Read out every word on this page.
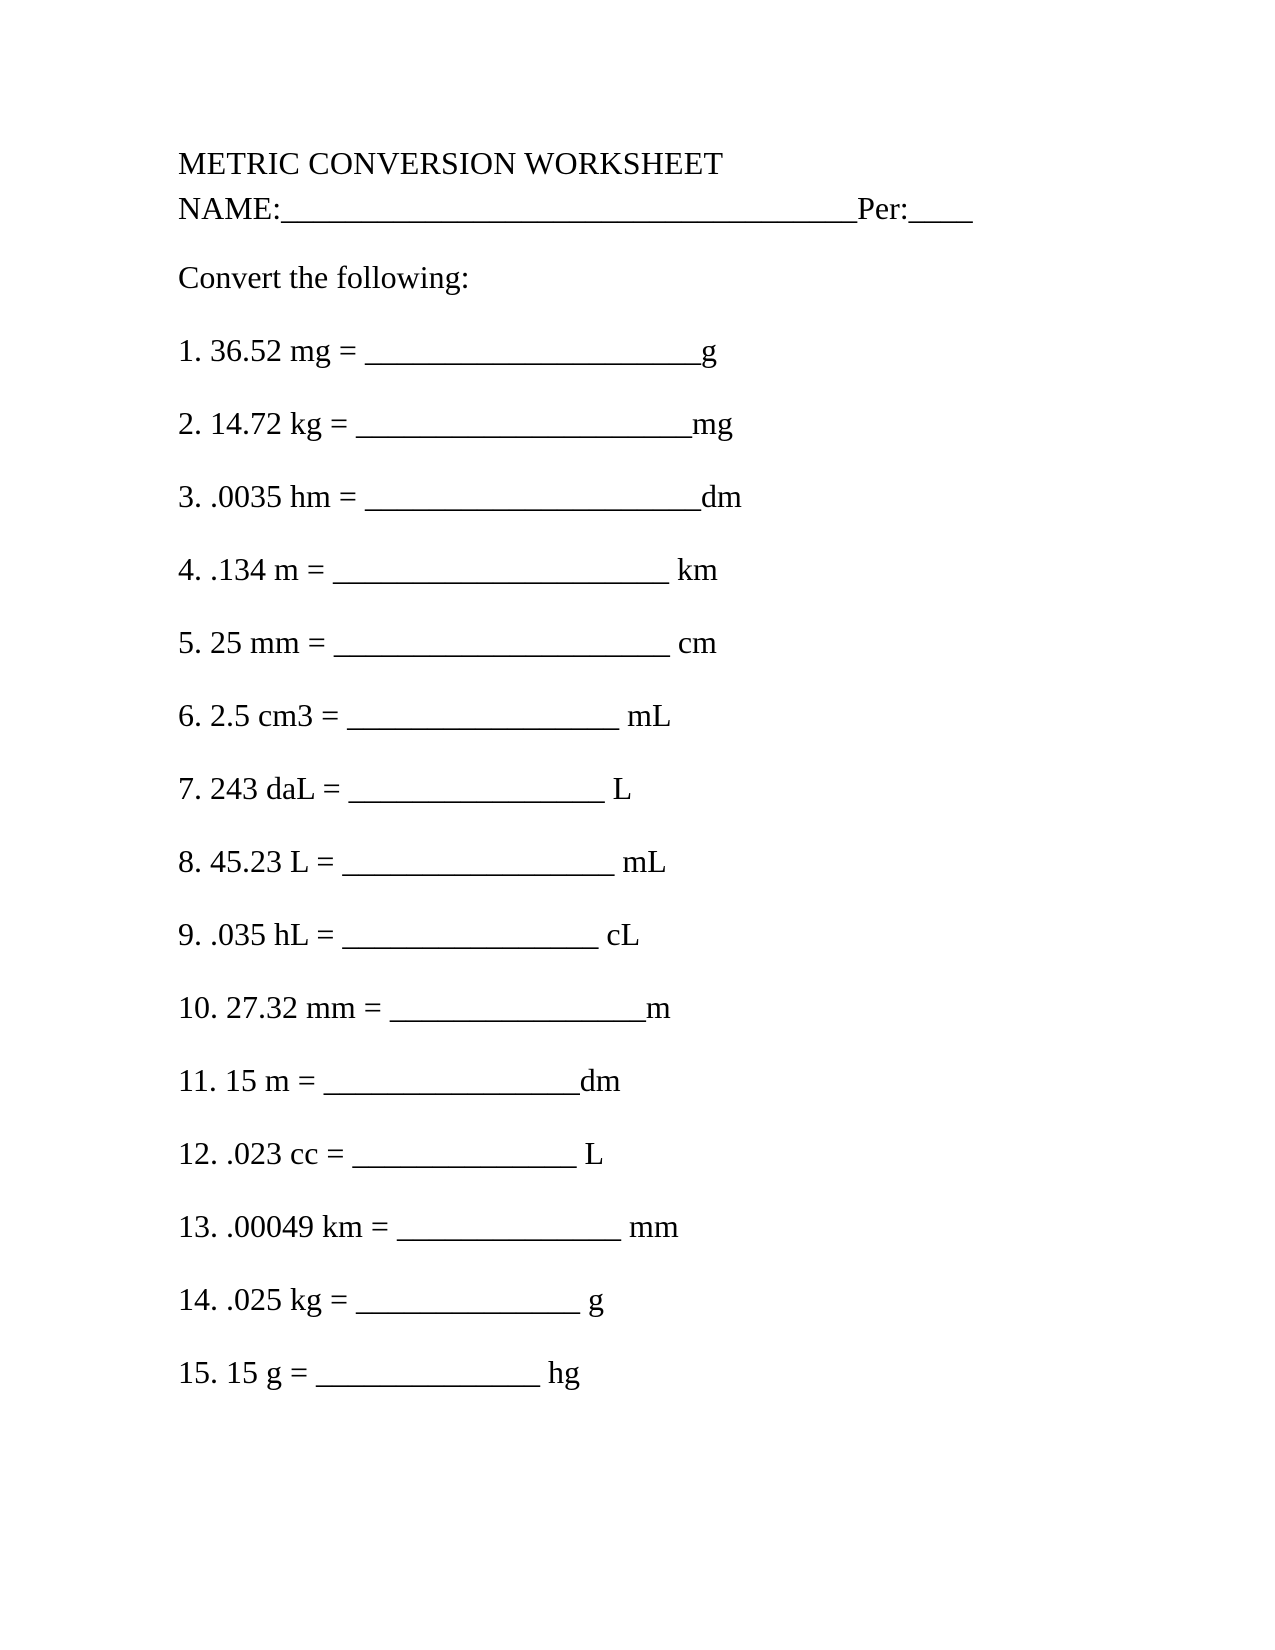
METRIC CONVERSION WORKSHEET
NAME:____________________________________Per:____
Convert the following:
1. 36.52 mg = _____________________g
2. 14.72 kg = _____________________mg
3. .0035 hm = _____________________dm
4. .134 m = _____________________ km
5. 25 mm = _____________________ cm
6. 2.5 cm3 = _________________ mL
7. 243 daL = ________________ L
8. 45.23 L = _________________ mL
9. .035 hL = ________________ cL
10. 27.32 mm = ________________m
11. 15 m = ________________dm
12. .023 cc = ______________ L
13. .00049 km = ______________ mm
14. .025 kg = ______________ g
15. 15 g = ______________ hg
